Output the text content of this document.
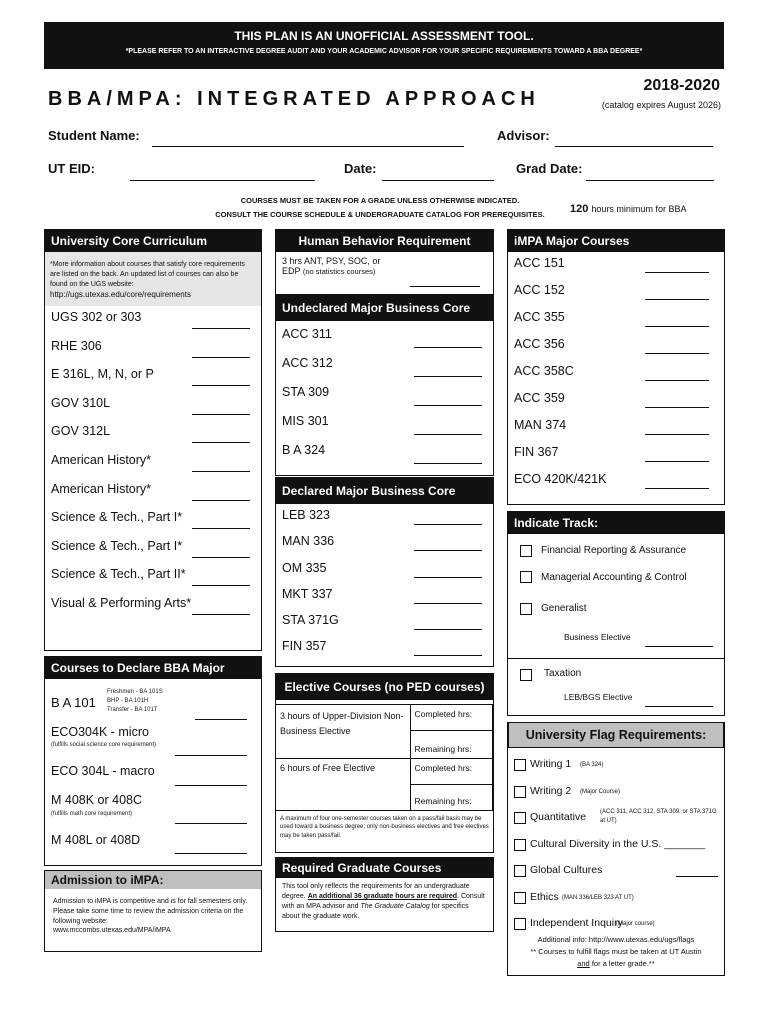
THIS PLAN IS AN UNOFFICIAL ASSESSMENT TOOL.
*PLEASE REFER TO AN INTERACTIVE DEGREE AUDIT AND YOUR ACADEMIC ADVISOR FOR YOUR SPECIFIC REQUIREMENTS TOWARD A BBA DEGREE*
BBA/MPA: INTEGRATED APPROACH
2018-2020
(catalog expires August 2026)
Student Name:	Advisor:
UT EID:	Date:	Grad Date:
COURSES MUST BE TAKEN FOR A GRADE UNLESS OTHERWISE INDICATED.
CONSULT THE COURSE SCHEDULE & UNDERGRADUATE CATALOG FOR PREREQUISITES.	120 hours minimum for BBA
University Core Curriculum
*More information about courses that satisfy core requirements are listed on the back. An updated list of courses can also be found on the UGS website:
http://ugs.utexas.edu/core/requirements
UGS 302 or 303
RHE 306
E 316L, M, N, or P
GOV 310L
GOV 312L
American History*
American History*
Science & Tech., Part I*
Science & Tech., Part I*
Science & Tech., Part II*
Visual & Performing Arts*
Courses to Declare BBA Major
B A 101
Freshmen - BA 101S
BHP - BA 101H
Transfer - BA 101T
ECO304K - micro
(fulfills social science core requirement)
ECO 304L - macro
M 408K or 408C
(fulfills math core requirement)
M 408L or 408D
Admission to iMPA:
Admission to iMPA is competitive and is for fall semesters only. Please take some time to review the admission criteria on the following website:
www.mccombs.utexas.edu/MPA/iMPA
Human Behavior Requirement
3 hrs ANT, PSY, SOC, or
EDP (no statistics courses)
Undeclared Major Business Core
ACC 311
ACC 312
STA 309
MIS 301
B A 324
Declared Major Business Core
LEB 323
MAN 336
OM 335
MKT 337
STA 371G
FIN 357
Elective Courses (no PED courses)
3 hours of Upper-Division Non-Business Elective	Completed hrs:
	Remaining hrs:
6 hours of Free Elective	Completed hrs:
	Remaining hrs:
A maximum of four one-semester courses taken on a pass/fail basis may be used toward a business degree; only non-business electives and free electives may be taken pass/fail.
Required Graduate Courses
This tool only reflects the requirements for an undergraduate degree. An additional 36 graduate hours are required. Consult with an MPA advisor and The Graduate Catalog for specifics about the graduate work.
iMPA Major Courses
ACC 151
ACC 152
ACC 355
ACC 356
ACC 358C
ACC 359
MAN 374
FIN 367
ECO 420K/421K
Indicate Track:
Financial Reporting & Assurance
Managerial Accounting & Control
Generalist
Business Elective
Taxation
LEB/BGS Elective
University Flag Requirements:
Writing 1 (BA 324)
Writing 2 (Major Course)
Quantitative (ACC 311, ACC 312, STA 309, or STA 371G at UT)
Cultural Diversity in the U.S. _______
Global Cultures
Ethics (MAN 336/LEB 323 AT UT)
Independent Inquiry
(Major course)
Additional info: http://www.utexas.edu/ugs/flags
** Courses to fulfill flags must be taken at UT Austin
and for a letter grade.**
